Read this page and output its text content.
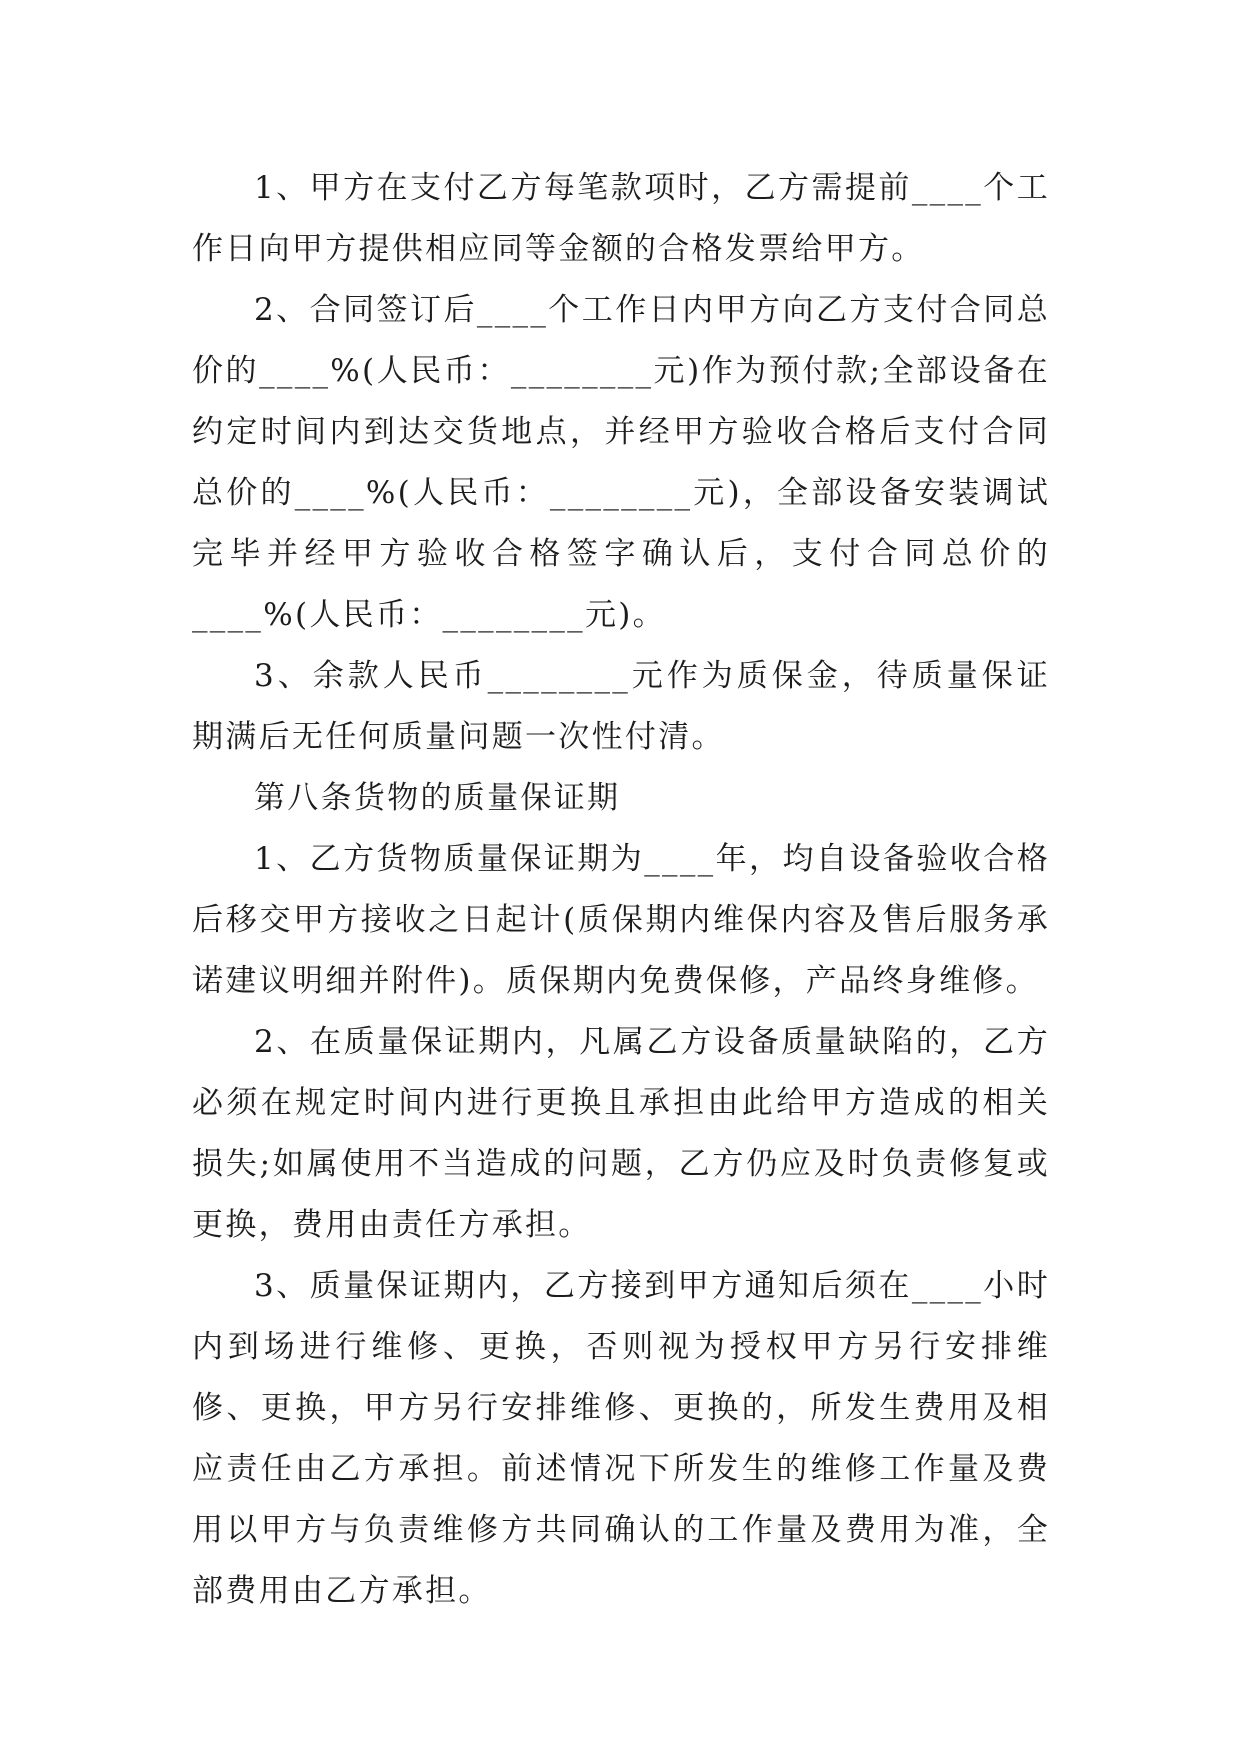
1、甲方在支付乙方每笔款项时，乙方需提前____个工作日向甲方提供相应同等金额的合格发票给甲方。

2、合同签订后____个工作日内甲方向乙方支付合同总价的____%(人民币：________元)作为预付款;全部设备在约定时间内到达交货地点，并经甲方验收合格后支付合同总价的____%(人民币：________元)，全部设备安装调试完毕并经甲方验收合格签字确认后，支付合同总价的____%(人民币：________元)。

3、余款人民币________元作为质保金，待质量保证期满后无任何质量问题一次性付清。

第八条货物的质量保证期

1、乙方货物质量保证期为____年，均自设备验收合格后移交甲方接收之日起计(质保期内维保内容及售后服务承诺建议明细并附件)。质保期内免费保修，产品终身维修。

2、在质量保证期内，凡属乙方设备质量缺陷的，乙方必须在规定时间内进行更换且承担由此给甲方造成的相关损失;如属使用不当造成的问题，乙方仍应及时负责修复或更换，费用由责任方承担。

3、质量保证期内，乙方接到甲方通知后须在____小时内到场进行维修、更换，否则视为授权甲方另行安排维修、更换，甲方另行安排维修、更换的，所发生费用及相应责任由乙方承担。前述情况下所发生的维修工作量及费用以甲方与负责维修方共同确认的工作量及费用为准，全部费用由乙方承担。
